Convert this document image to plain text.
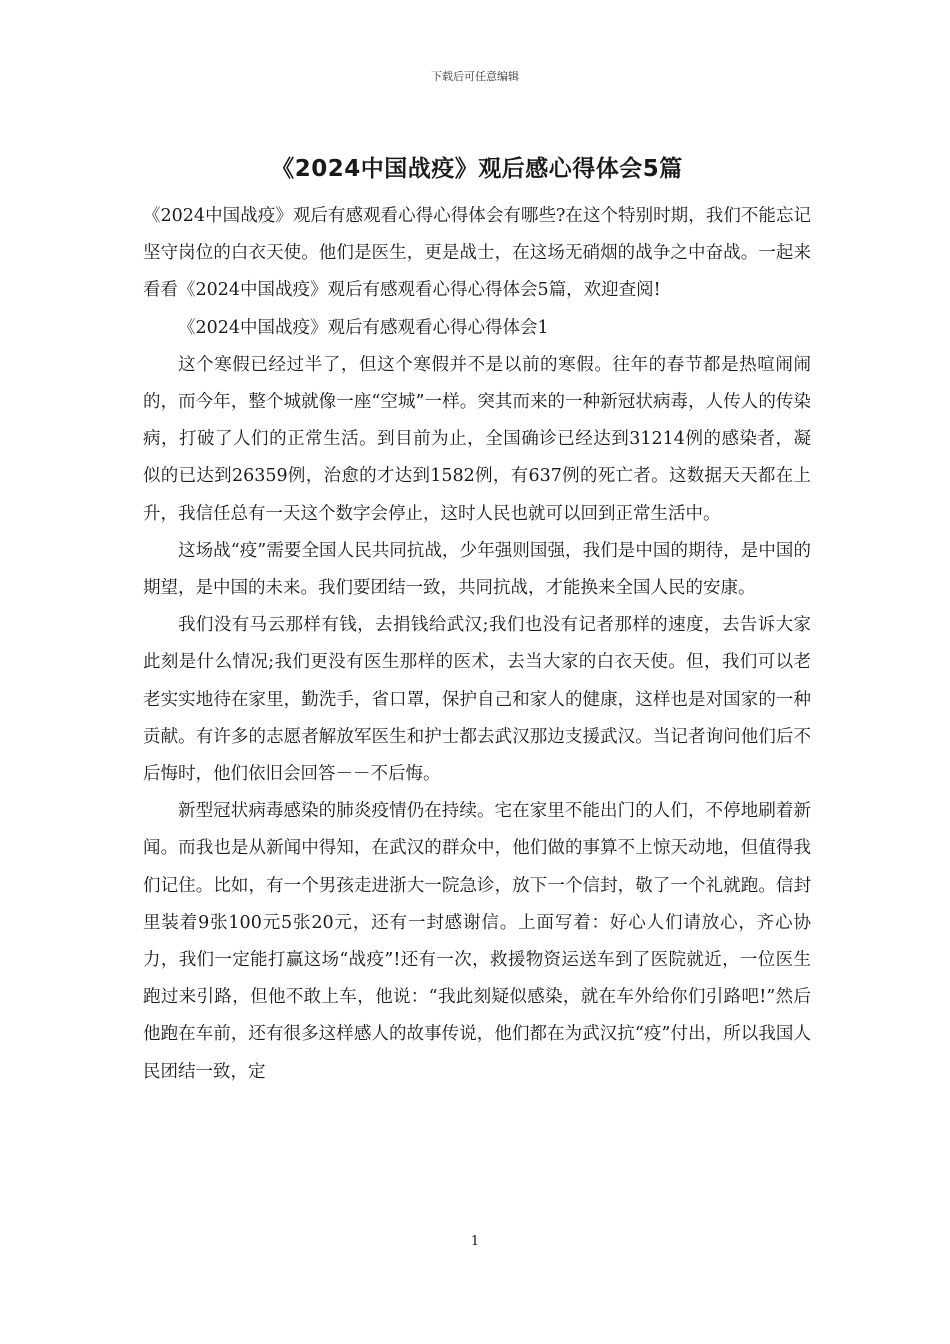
下载后可任意编辑
《2024中国战疫》观后感心得体会5篇

《2024中国战疫》观后有感观看心得心得体会有哪些?在这个特别时期，我们不能忘记坚守岗位的白衣天使。他们是医生，更是战士，在这场无硝烟的战争之中奋战。一起来看看《2024中国战疫》观后有感观看心得心得体会5篇，欢迎查阅!

《2024中国战疫》观后有感观看心得心得体会1

这个寒假已经过半了，但这个寒假并不是以前的寒假。往年的春节都是热喧闹闹的，而今年，整个城就像一座“空城”一样。突其而来的一种新冠状病毒，人传人的传染病，打破了人们的正常生活。到目前为止，全国确诊已经达到31214例的感染者，凝似的已达到26359例，治愈的才达到1582例，有637例的死亡者。这数据天天都在上升，我信任总有一天这个数字会停止，这时人民也就可以回到正常生活中。

这场战“疫”需要全国人民共同抗战，少年强则国强，我们是中国的期待，是中国的期望，是中国的未来。我们要团结一致，共同抗战，才能换来全国人民的安康。

我们没有马云那样有钱，去捐钱给武汉;我们也没有记者那样的速度，去告诉大家此刻是什么情况;我们更没有医生那样的医术，去当大家的白衣天使。但，我们可以老老实实地待在家里，勤洗手，省口罩，保护自己和家人的健康，这样也是对国家的一种贡献。有许多的志愿者解放军医生和护士都去武汉那边支援武汉。当记者询问他们后不后悔时，他们依旧会回答－－不后悔。

新型冠状病毒感染的肺炎疫情仍在持续。宅在家里不能出门的人们，不停地刷着新闻。而我也是从新闻中得知，在武汉的群众中，他们做的事算不上惊天动地，但值得我们记住。比如，有一个男孩走进浙大一院急诊，放下一个信封，敬了一个礼就跑。信封里装着9张100元5张20元，还有一封感谢信。上面写着：好心人们请放心，齐心协力，我们一定能打赢这场“战疫”!还有一次，救援物资运送车到了医院就近，一位医生跑过来引路，但他不敢上车，他说：“我此刻疑似感染，就在车外给你们引路吧!”然后他跑在车前，还有很多这样感人的故事传说，他们都在为武汉抗“疫”付出，所以我国人民团结一致，定

1
